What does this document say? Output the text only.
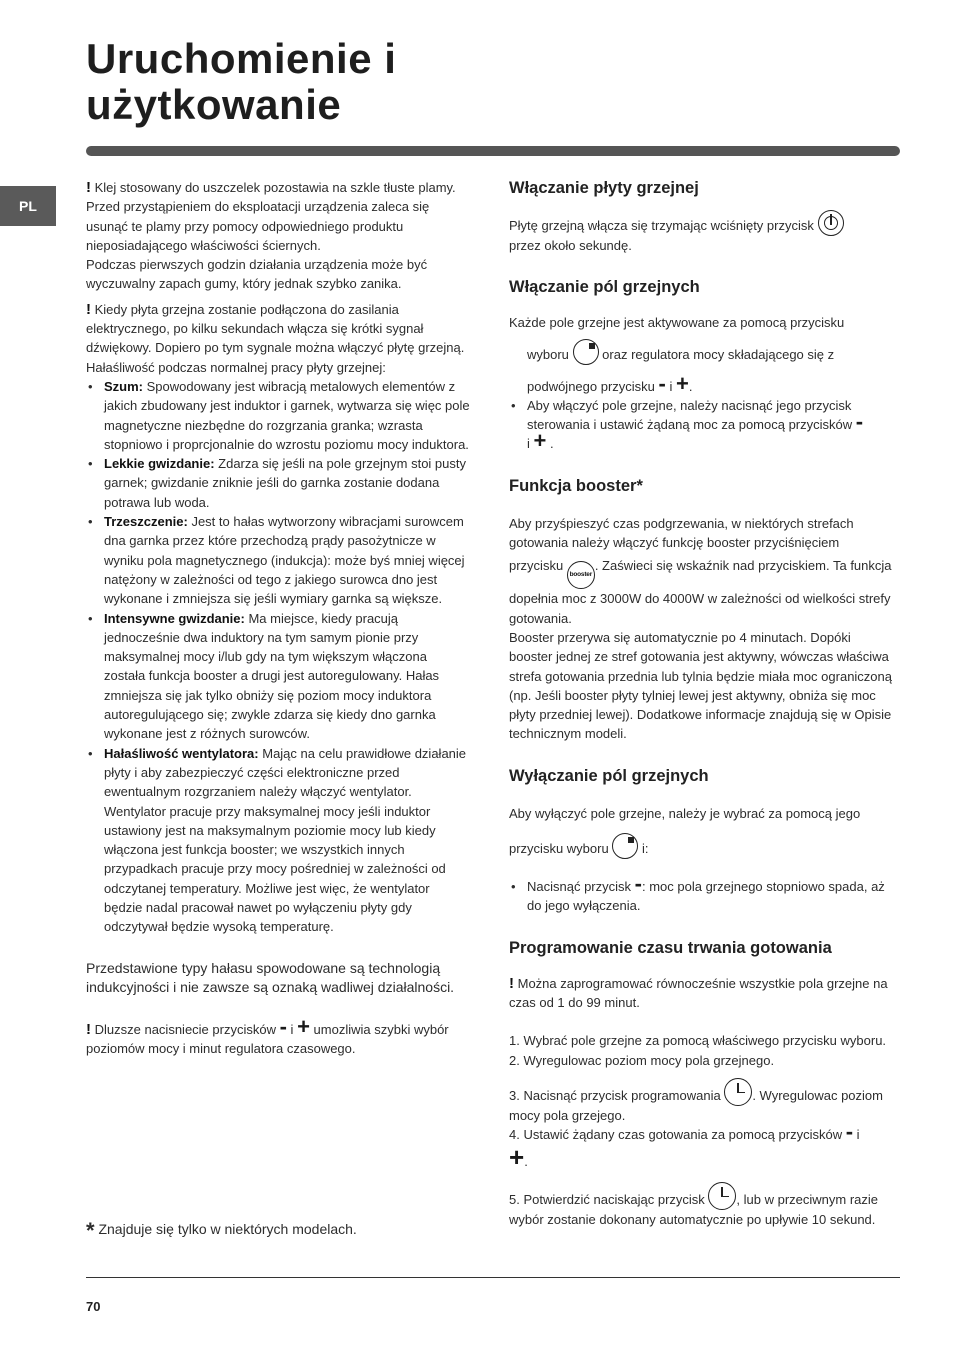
Uruchomienie i
użytkowanie
PL

! Klej stosowany do uszczelek pozostawia na szkle tłuste plamy. Przed przystąpieniem do eksploatacji urządzenia zaleca się usunąć te plamy przy pomocy odpowiedniego produktu nieposiadającego właściwości ściernych.

Podczas pierwszych godzin działania urządzenia może być wyczuwalny zapach gumy, który jednak szybko zanika.

! Kiedy płyta grzejna zostanie podłączona do zasilania elektrycznego, po kilku sekundach włącza się krótki sygnał dźwiękowy. Dopiero po tym sygnale można włączyć płytę grzejną.

Hałaśliwość podczas normalnej pracy płyty grzejnej:

• Szum: Spowodowany jest wibracją metalowych elementów z jakich zbudowany jest induktor i garnek, wytwarza się więc pole magnetyczne niezbędne do rozgrzania granka; wzrasta stopniowo i proprcjonalnie do wzrostu poziomu mocy induktora.
• Lekkie gwizdanie: Zdarza się jeśli na pole grzejnym stoi pusty garnek; gwizdanie zniknie jeśli do garnka zostanie dodana potrawa lub woda.
• Trzeszczenie: Jest to hałas wytworzony wibracjami surowcem dna garnka przez które przechodzą prądy pasożytnicze w wyniku pola magnetycznego (indukcja): może byś mniej więcej natężony w zależności od tego z jakiego surowca dno jest wykonane i zmniejsza się jeśli wymiary garnka są większe.
• Intensywne gwizdanie: Ma miejsce, kiedy pracują jednocześnie dwa induktory na tym samym pionie przy maksymalnej mocy i/lub gdy na tym większym włączona została funkcja booster a drugi jest autoregulowany. Hałas zmniejsza się jak tylko obniży się poziom mocy induktora autoregulującego się; zwykle zdarza się kiedy dno garnka wykonane jest z różnych surowców.
• Hałaśliwość wentylatora: Mając na celu prawidłowe działanie płyty i aby zabezpieczyć części elektroniczne przed ewentualnym rozgrzaniem należy włączyć wentylator. Wentylator pracuje przy maksymalnej mocy jeśli induktor ustawiony jest na maksymalnym poziomie mocy lub kiedy włączona jest funkcja booster; we wszystkich innych przypadkach pracuje przy mocy pośredniej w zależności od odczytanej temperatury. Możliwe jest więc, że wentylator będzie nadal pracował nawet po wyłączeniu płyty gdy odczytywał będzie wysoką temperaturę.

Przedstawione typy hałasu spowodowane są technologią indukcyjności i nie zawsze są oznaką wadliwej działalności.

! Dluzsze nacisniecie przycisków - i + umozliwia szybki wybór poziomów mocy i minut regulatora czasowego.

* Znajduje się tylko w niektórych modelach.
Włączanie płyty grzejnej

Płytę grzejną włącza się trzymając wciśnięty przycisk

przez około sekundę.

Włączanie pól grzejnych

Każde pole grzejne jest aktywowane za pomocą przycisku

wyboru	oraz regulatora mocy składającego się z

podwójnego przycisku - i +.

• Aby włączyć pole grzejne, należy nacisnąć jego przycisk sterowania i ustawić żądaną moc za pomocą przycisków -
i + .
Funkcja booster*

Aby przyśpieszyć czas podgrzewania, w niektórych strefach gotowania należy włączyć funkcję booster przyciśnięciem

przycisku booster. Zaświeci się wskaźnik nad przyciskiem. Ta funkcja dopełnia moc z 3000W do 4000W w zależności od wielkości strefy gotowania.

Booster przerywa się automatycznie po 4 minutach. Dopóki booster jednej ze stref gotowania jest aktywny, wówczas właściwa strefa gotowania przednia lub tylnia będzie miała moc ograniczoną (np. Jeśli booster płyty tylniej lewej jest aktywny, obniża się moc płyty przedniej lewej). Dodatkowe informacje znajdują się w Opisie technicznym modeli.

Wyłączanie pól grzejnych

Aby wyłączyć pole grzejne, należy je wybrać za pomocą jego

przycisku wyboru	i:

• Nacisnąć przycisk -: moc pola grzejnego stopniowo spada, aż do jego wyłączenia.
Programowanie czasu trwania gotowania

! Można zaprogramować równocześnie wszystkie pola grzejne na czas od 1 do 99 minut.

1. Wybrać pole grzejne za pomocą właściwego przycisku wyboru.

2. Wyregulowac poziom mocy pola grzejnego.

3. Nacisnąć przycisk programowania . Wyregulowac poziom mocy pola grzejego.

4. Ustawić żądany czas gotowania za pomocą przycisków - i
+.

5. Potwierdzić naciskając przycisk , lub w przeciwnym razie wybór zostanie dokonany automatycznie po upływie 10 sekund.

70
